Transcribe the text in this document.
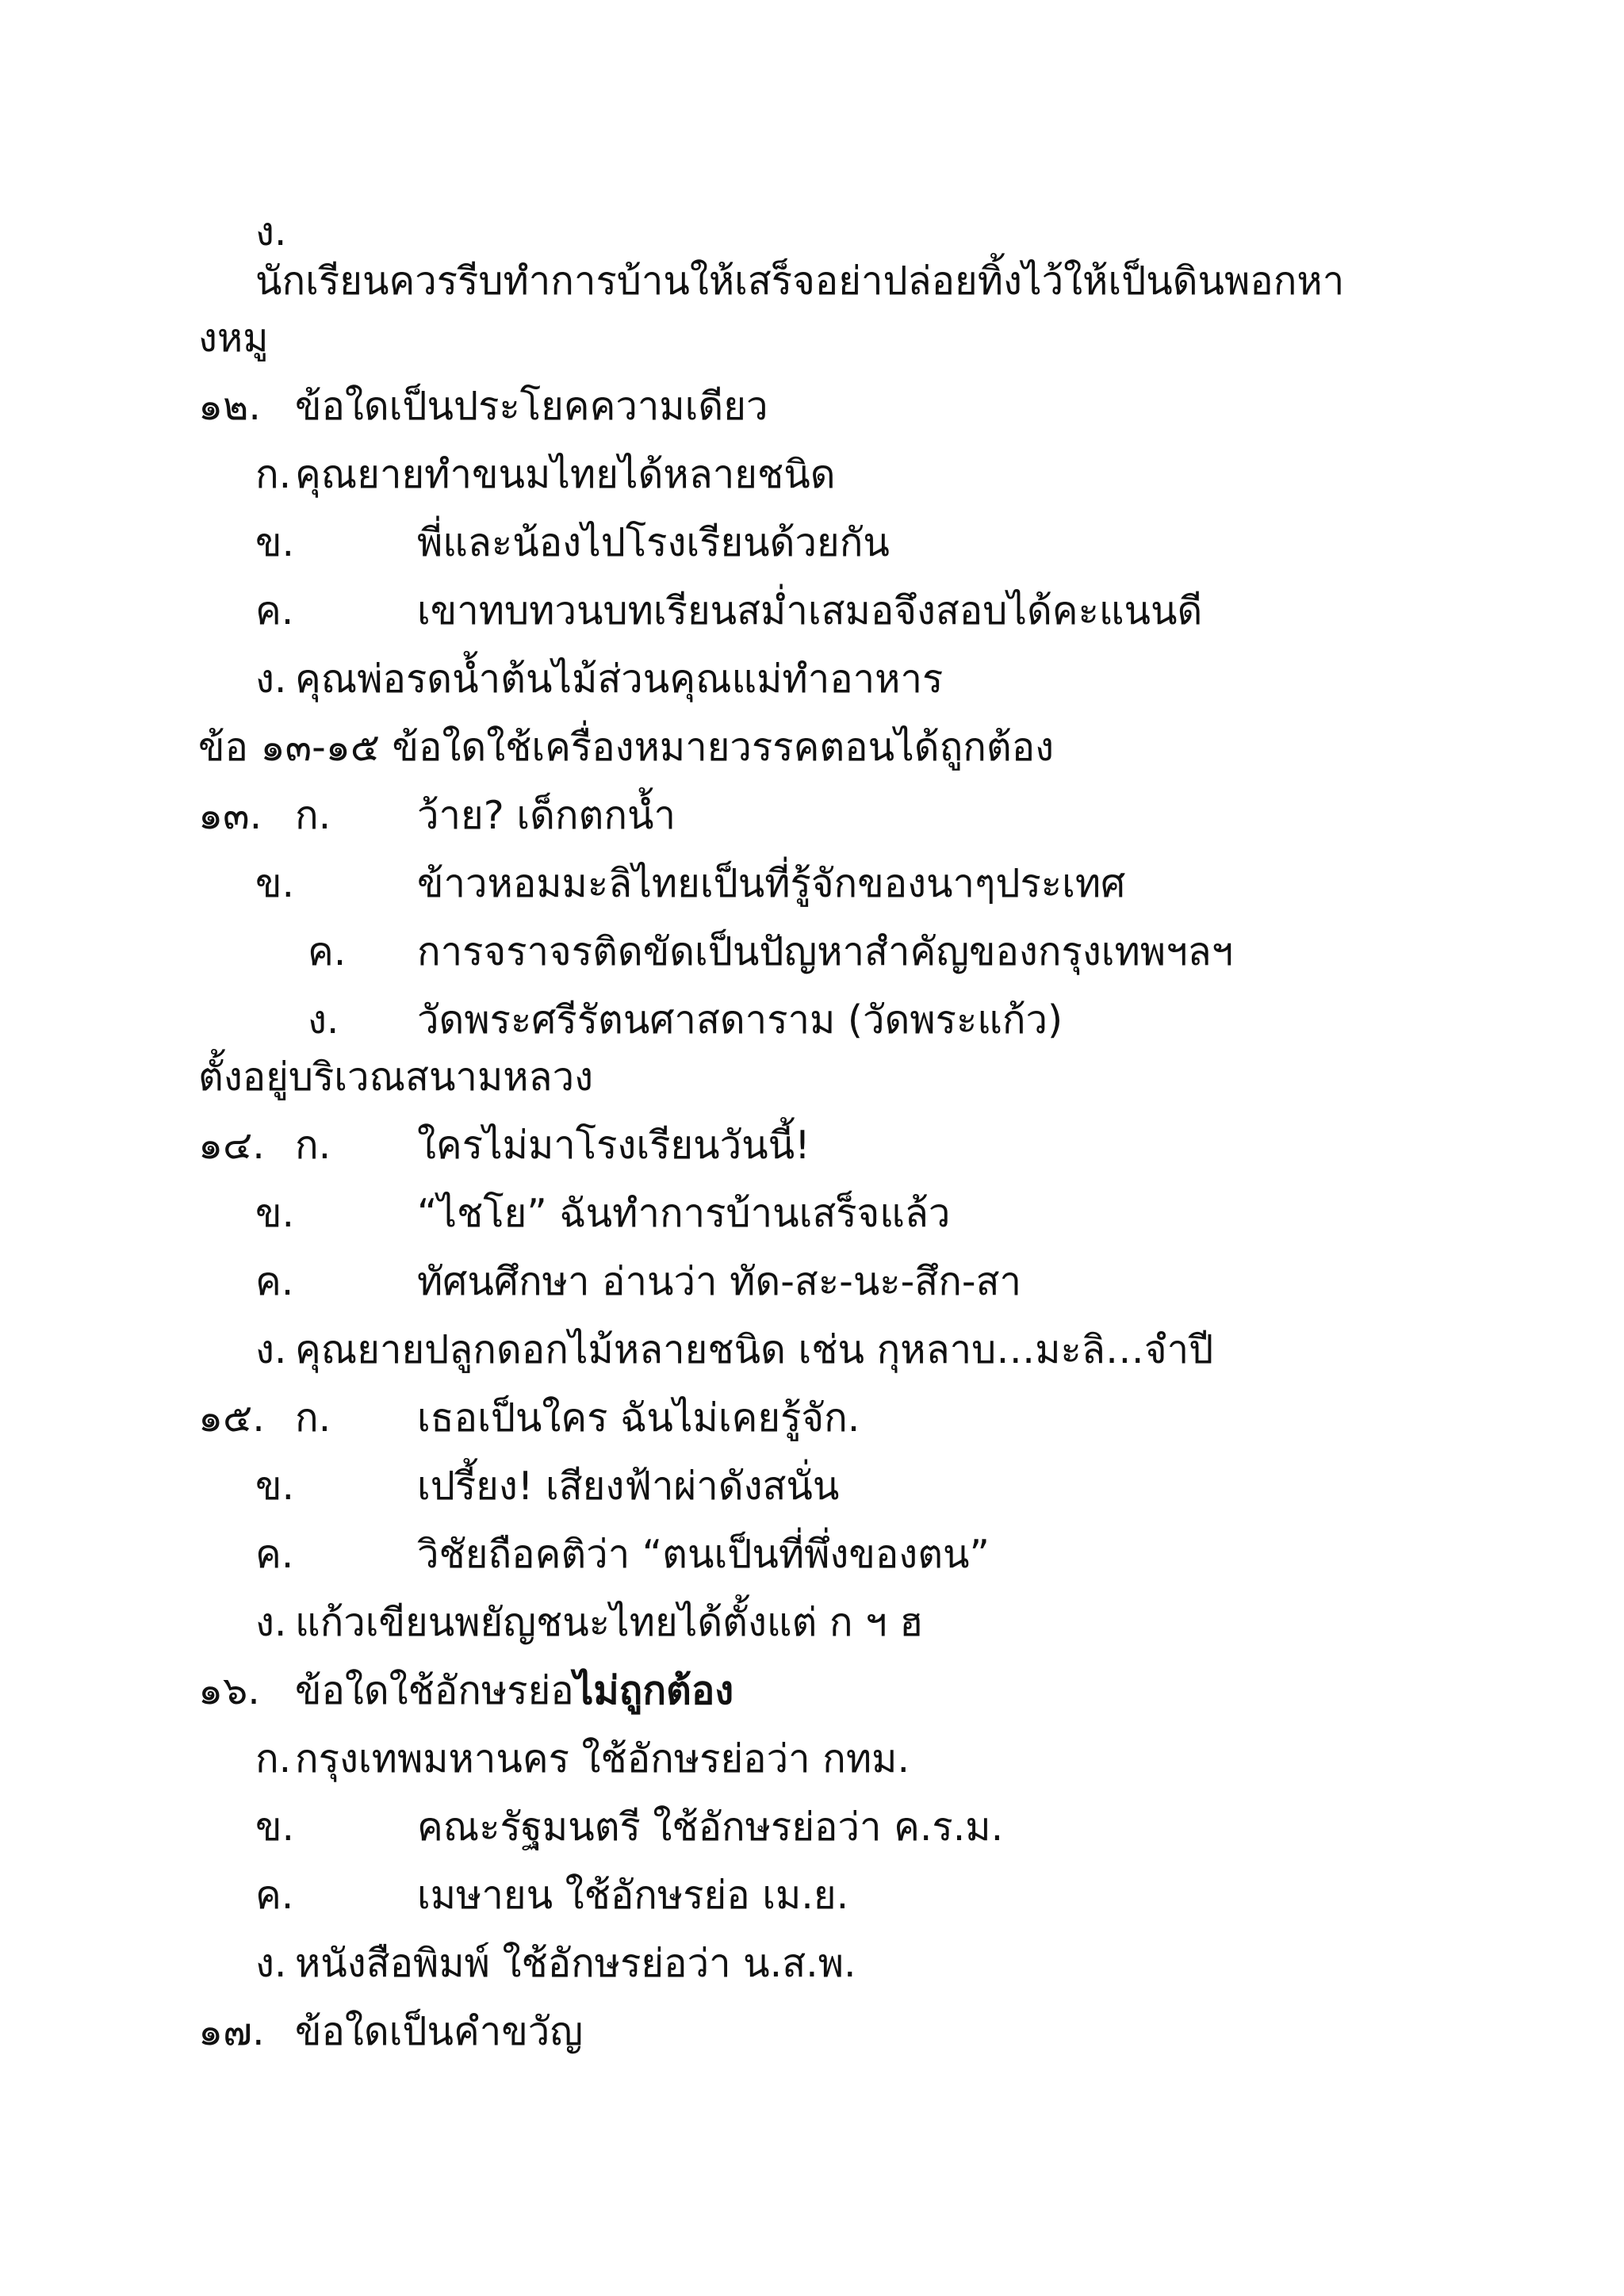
ง.
นักเรียนควรรีบทำการบ้านให้เสร็จอย่าปล่อยทิ้งไว้ให้เป็นดินพอกหา
งหมู
๑๒. ข้อใดเป็นประโยคความเดียว
ก. คุณยายทำขนมไทยได้หลายชนิด
ข.	พี่และน้องไปโรงเรียนด้วยกัน
ค.	เขาทบทวนบทเรียนสม่ำเสมอจึงสอบได้คะแนนดี
ง. คุณพ่อรดน้ำต้นไม้ส่วนคุณแม่ทำอาหาร
ข้อ ๑๓-๑๕ ข้อใดใช้เครื่องหมายวรรคตอนได้ถูกต้อง
๑๓. ก. ว้าย? เด็กตกน้ำ
ข.	ข้าวหอมมะลิไทยเป็นที่รู้จักของนาๆประเทศ
ค. การจราจรติดขัดเป็นปัญหาสำคัญของกรุงเทพฯลฯ
ง. วัดพระศรีรัตนศาสดาราม (วัดพระแก้ว)
ตั้งอยู่บริเวณสนามหลวง
๑๔. ก. ใครไม่มาโรงเรียนวันนี้!
ข.	“ไชโย” ฉันทำการบ้านเสร็จแล้ว
ค.	ทัศนศึกษา อ่านว่า ทัด-สะ-นะ-สึก-สา
ง. คุณยายปลูกดอกไม้หลายชนิด เช่น กุหลาบ…มะลิ…จำปี
๑๕. ก. เธอเป็นใคร ฉันไม่เคยรู้จัก.
ข.	เปรี้ยง! เสียงฟ้าผ่าดังสนั่น
ค.	วิชัยถือคติว่า “ตนเป็นที่พึ่งของตน”
ง. แก้วเขียนพยัญชนะไทยได้ตั้งแต่ ก ฯ ฮ
๑๖. ข้อใดใช้อักษรย่อไม่ถูกต้อง
ก. กรุงเทพมหานคร ใช้อักษรย่อว่า กทม.
ข.	คณะรัฐมนตรี ใช้อักษรย่อว่า ค.ร.ม.
ค.	เมษายน ใช้อักษรย่อ เม.ย.
ง. หนังสือพิมพ์ ใช้อักษรย่อว่า น.ส.พ.
๑๗. ข้อใดเป็นคำขวัญ
